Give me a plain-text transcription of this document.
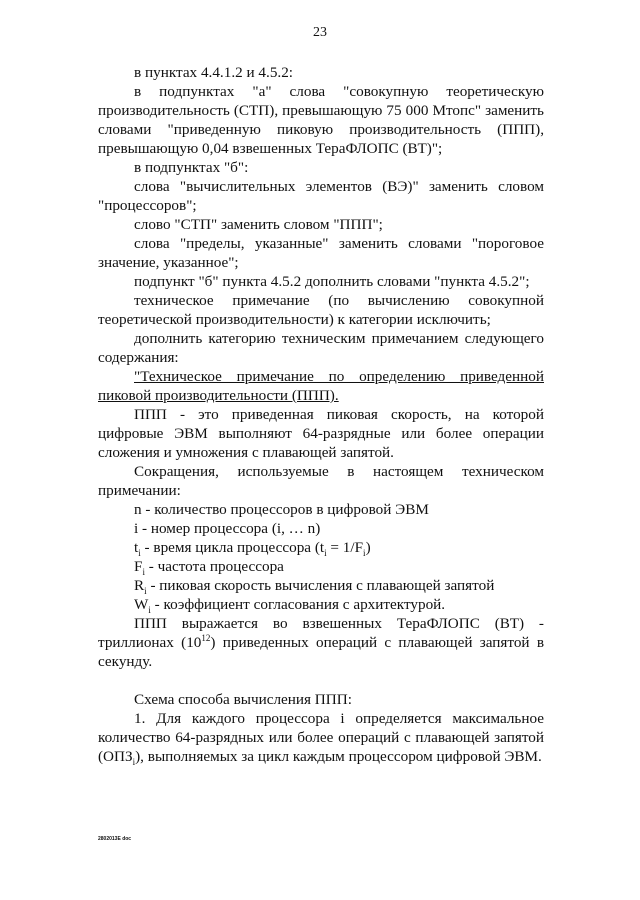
23

в пунктах 4.4.1.2 и 4.5.2:

в подпунктах "а" слова "совокупную теоретическую производительность (СТП), превышающую 75 000 Мтопс" заменить словами "приведенную пиковую производительность (ППП), превышающую 0,04 взвешенных ТераФЛОПС (ВТ)";

в подпунктах "б":

слова "вычислительных элементов (ВЭ)" заменить словом "процессоров";

слово "СТП" заменить словом "ППП";

слова "пределы, указанные" заменить словами "пороговое значение, указанное";

подпункт "б" пункта 4.5.2 дополнить словами "пункта 4.5.2";

техническое примечание (по вычислению совокупной теоретической производительности) к категории исключить;

дополнить категорию техническим примечанием следующего содержания:

"Техническое примечание по определению приведенной пиковой производительности (ППП).

ППП - это приведенная пиковая скорость, на которой цифровые ЭВМ выполняют 64-разрядные или более операции сложения и умножения с плавающей запятой.

Сокращения, используемые в настоящем техническом примечании:

n - количество процессоров в цифровой ЭВМ

i - номер процессора (i, … n)

$t_i$ - время цикла процессора $(t_i = 1/F_i)$

$F_i$ - частота процессора

$R_i$ - пиковая скорость вычисления с плавающей запятой

$W_i$ - коэффициент согласования с архитектурой.

ППП выражается во взвешенных ТераФЛОПС (ВТ) - триллионах $(10^{12})$ приведенных операций с плавающей запятой в секунду.

Схема способа вычисления ППП:

1. Для каждого процессора i определяется максимальное количество 64-разрядных или более операций с плавающей запятой $(ОПЗ_i)$, выполняемых за цикл каждым процессором цифровой ЭВМ.

2802013Е doc
